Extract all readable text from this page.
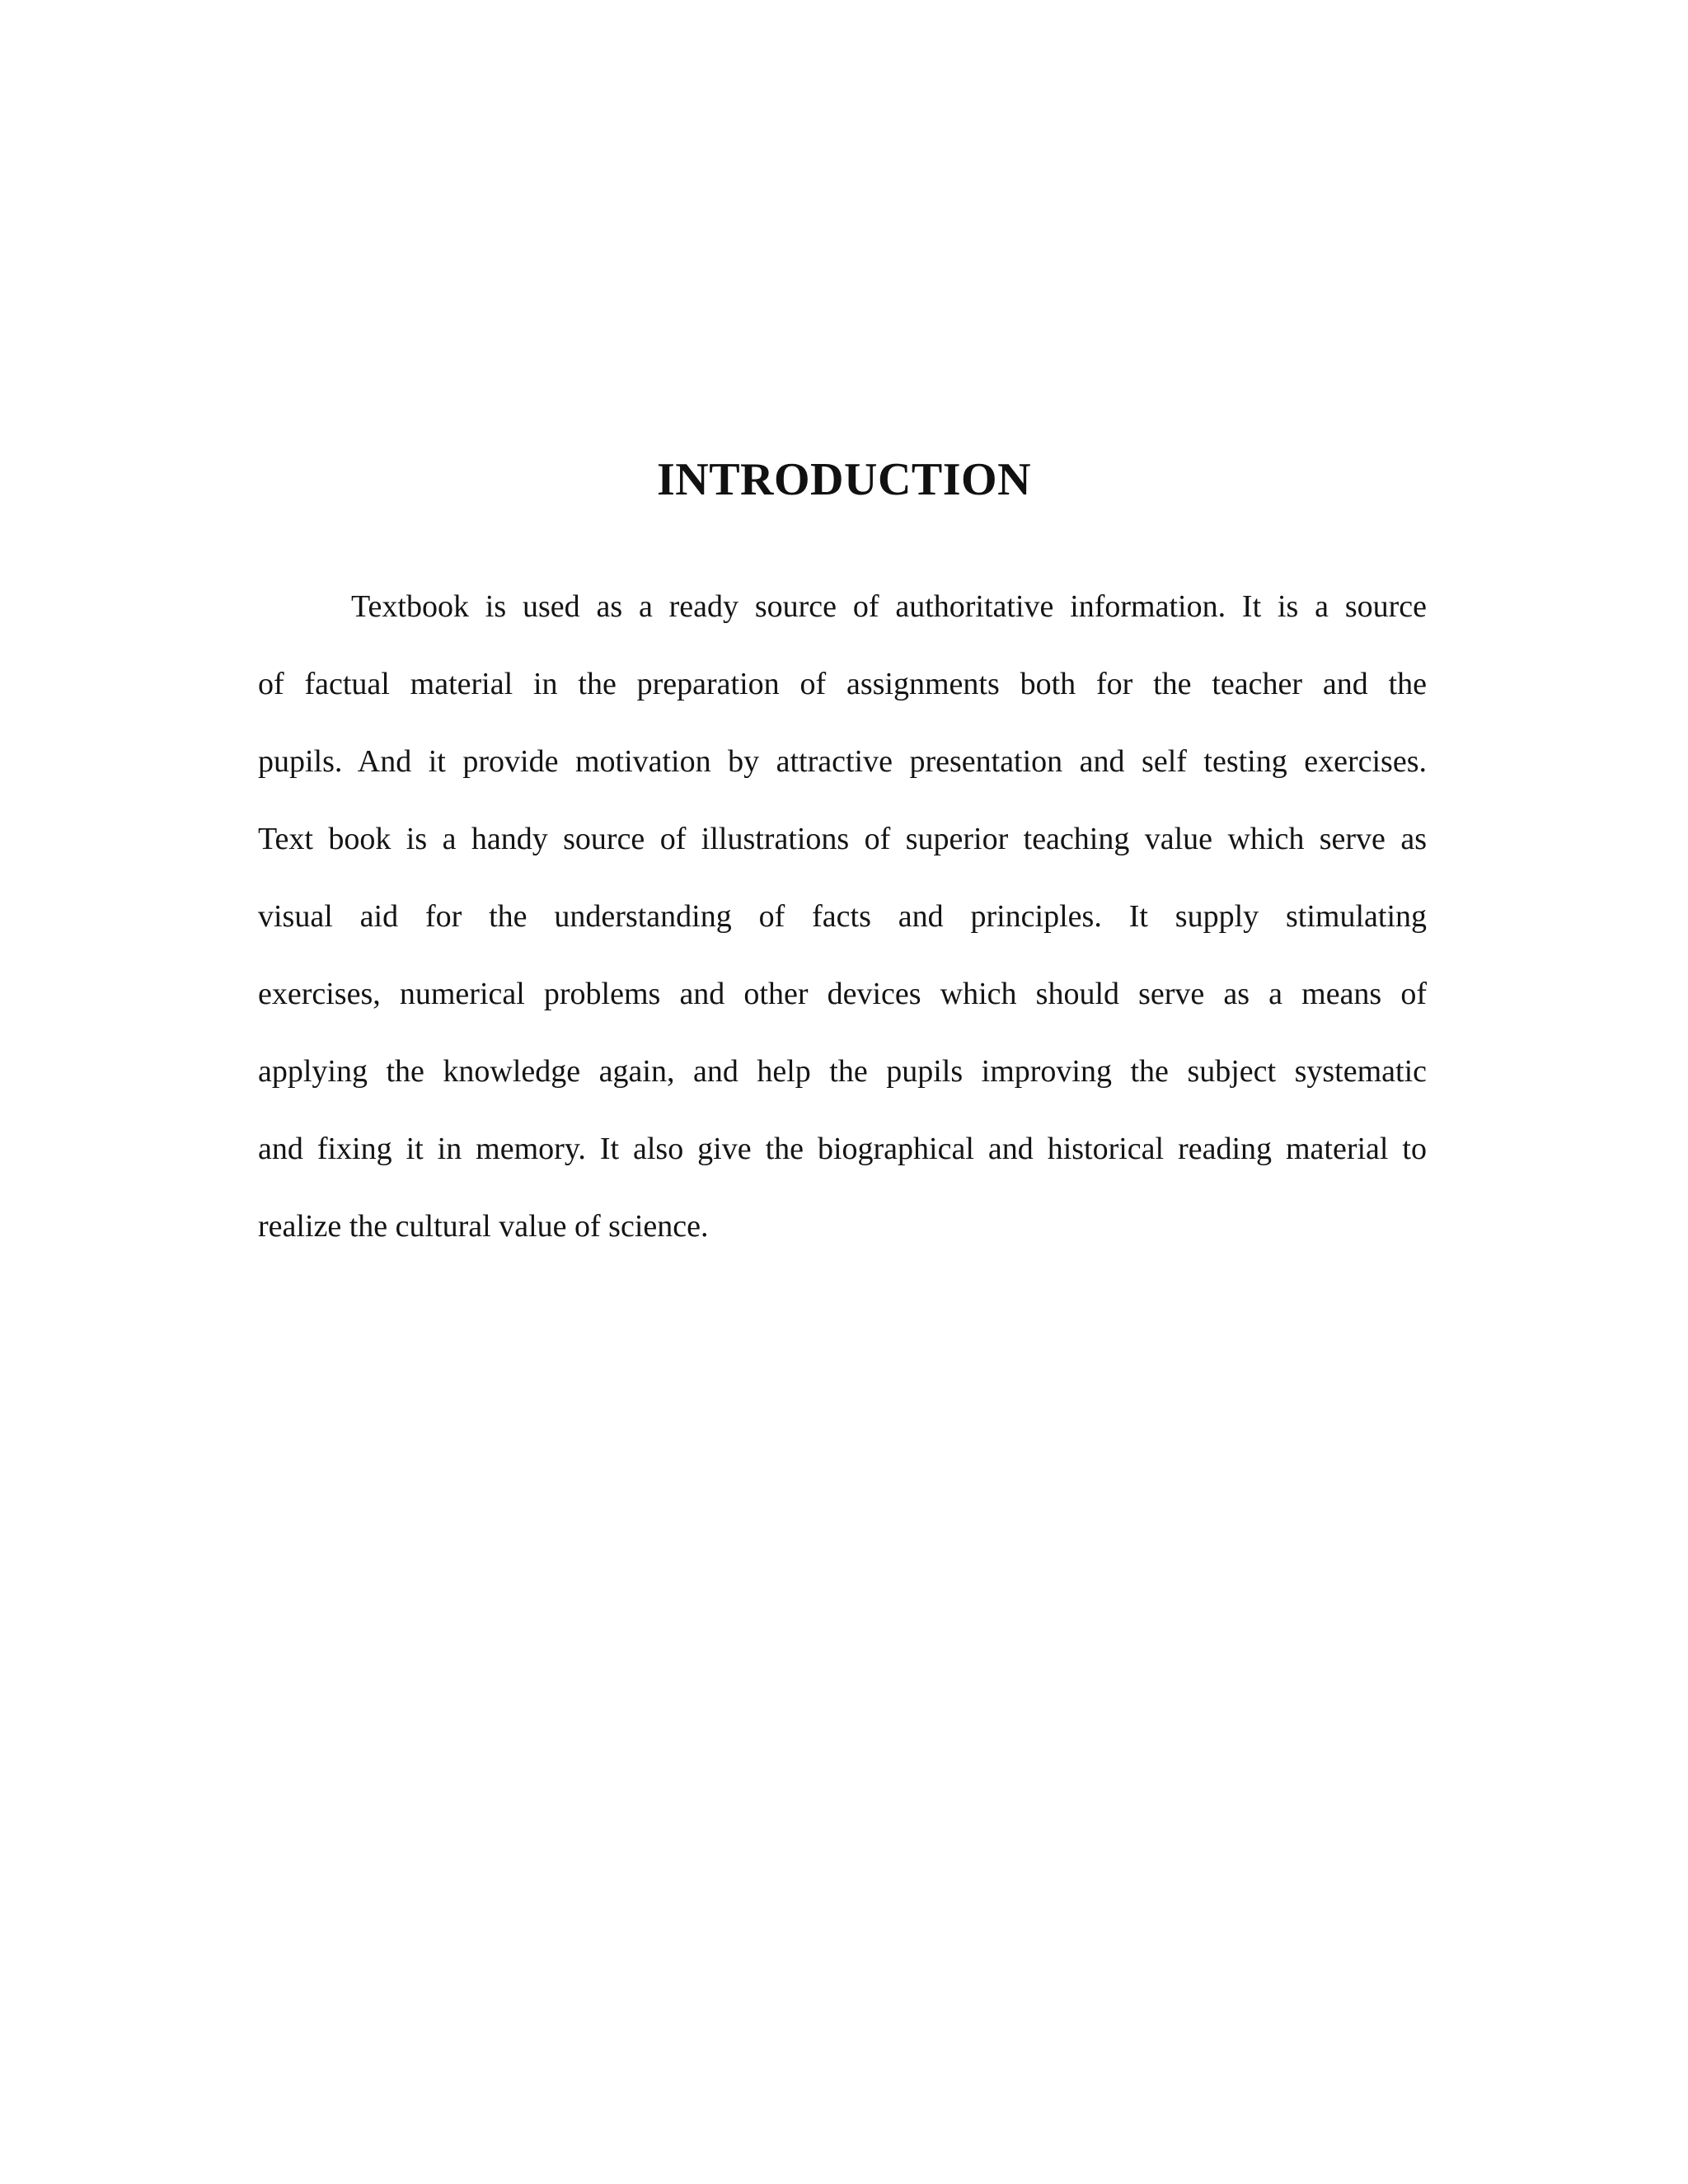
INTRODUCTION
Textbook is used as a ready source of authoritative information. It is a source
of factual material in the preparation of assignments both for the teacher and the
pupils. And it provide motivation by attractive presentation and self testing exercises.
Text book is a handy source of illustrations of superior teaching value which serve as
visual aid for the understanding of facts and principles. It supply stimulating
exercises, numerical problems and other devices which should serve as a means of
applying the knowledge again, and help the pupils improving the subject systematic
and fixing it in memory. It also give the biographical and historical reading material to
realize the cultural value of science.
